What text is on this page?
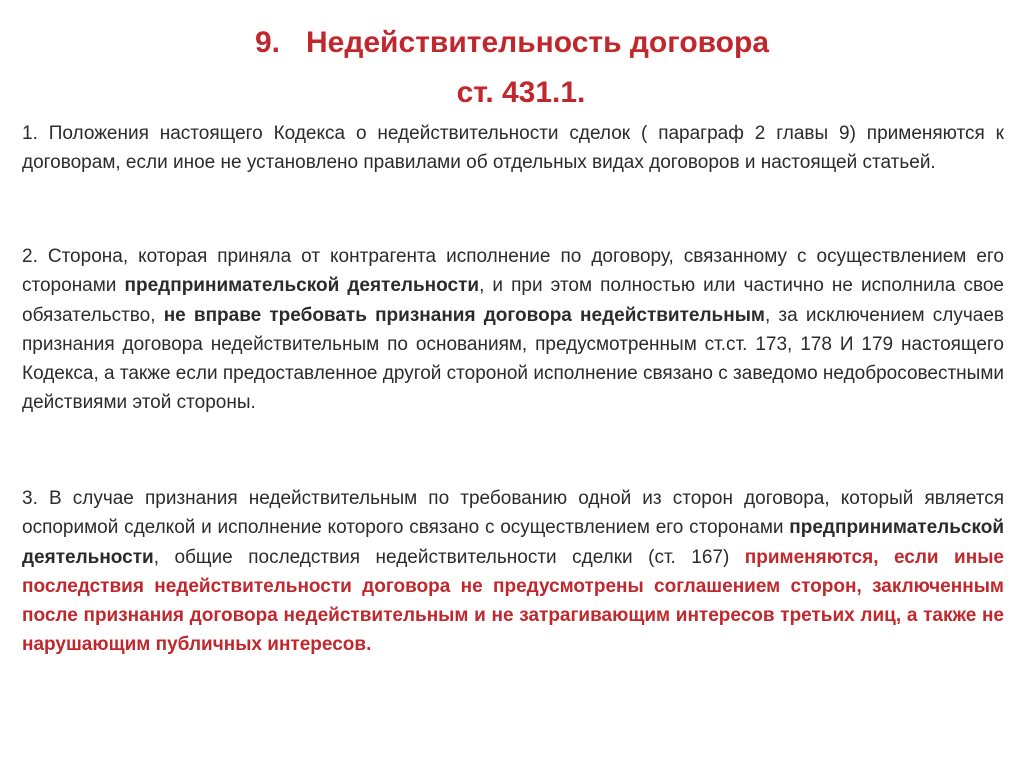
9. Недействительность договора
ст. 431.1.
1. Положения настоящего Кодекса о недействительности сделок ( параграф 2 главы 9) применяются к договорам, если иное не установлено правилами об отдельных видах договоров и настоящей статьей.
2. Сторона, которая приняла от контрагента исполнение по договору, связанному с осуществлением его сторонами предпринимательской деятельности, и при этом полностью или частично не исполнила свое обязательство, не вправе требовать признания договора недействительным, за исключением случаев признания договора недействительным по основаниям, предусмотренным ст.ст. 173, 178 И 179 настоящего Кодекса, а также если предоставленное другой стороной исполнение связано с заведомо недобросовестными действиями этой стороны.
3. В случае признания недействительным по требованию одной из сторон договора, который является оспоримой сделкой и исполнение которого связано с осуществлением его сторонами предпринимательской деятельности, общие последствия недействительности сделки (ст. 167) применяются, если иные последствия недействительности договора не предусмотрены соглашением сторон, заключенным после признания договора недействительным и не затрагивающим интересов третьих лиц, а также не нарушающим публичных интересов.
